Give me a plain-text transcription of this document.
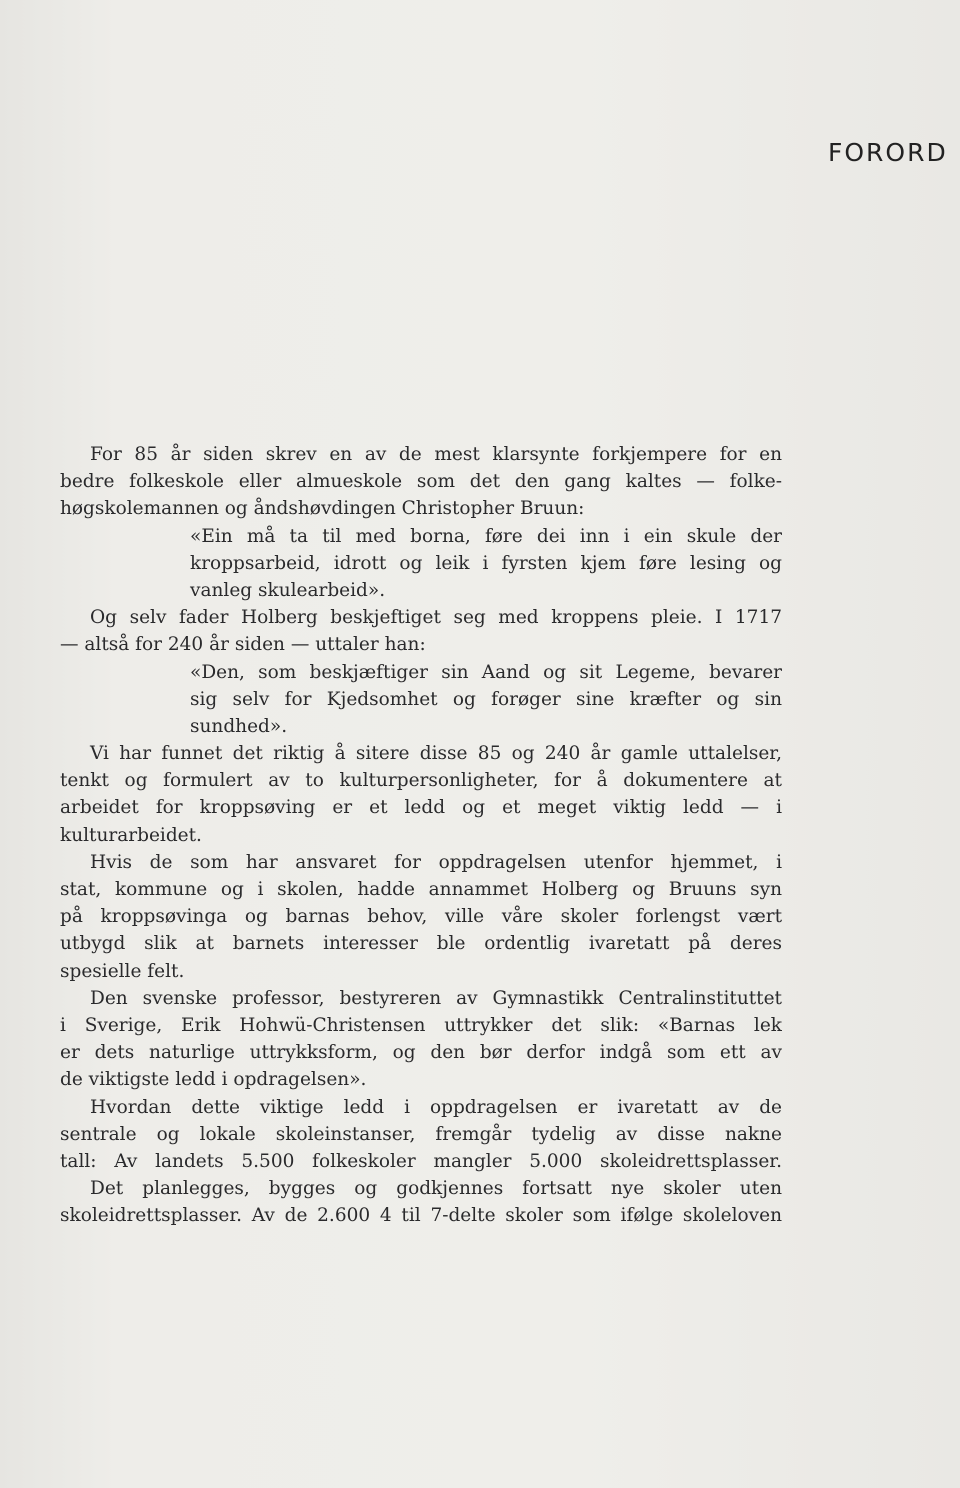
FORORD
For 85 år siden skrev en av de mest klarsynte forkjempere for en
bedre folkeskole eller almueskole som det den gang kaltes — folke-
høgskolemannen og åndshøvdingen Christopher Bruun:
«Ein må ta til med borna, føre dei inn i ein skule der
kroppsarbeid, idrott og leik i fyrsten kjem føre lesing og
vanleg skulearbeid».
Og selv fader Holberg beskjeftiget seg med kroppens pleie. I 1717
— altså for 240 år siden — uttaler han:
«Den, som beskjæftiger sin Aand og sit Legeme, bevarer
sig selv for Kjedsomhet og forøger sine kræfter og sin
sundhed».
Vi har funnet det riktig å sitere disse 85 og 240 år gamle uttalelser,
tenkt og formulert av to kulturpersonligheter, for å dokumentere at
arbeidet for kroppsøving er et ledd og et meget viktig ledd — i
kulturarbeidet.
Hvis de som har ansvaret for oppdragelsen utenfor hjemmet, i
stat, kommune og i skolen, hadde annammet Holberg og Bruuns syn
på kroppsøvinga og barnas behov, ville våre skoler forlengst vært
utbygd slik at barnets interesser ble ordentlig ivaretatt på deres
spesielle felt.
Den svenske professor, bestyreren av Gymnastikk Centralinstituttet
i Sverige, Erik Hohwü-Christensen uttrykker det slik: «Barnas lek
er dets naturlige uttrykksform, og den bør derfor indgå som ett av
de viktigste ledd i opdragelsen».
Hvordan dette viktige ledd i oppdragelsen er ivaretatt av de
sentrale og lokale skoleinstanser, fremgår tydelig av disse nakne
tall: Av landets 5.500 folkeskoler mangler 5.000 skoleidrettsplasser.
Det planlegges, bygges og godkjennes fortsatt nye skoler uten
skoleidrettsplasser. Av de 2.600 4 til 7-delte skoler som ifølge skoleloven
